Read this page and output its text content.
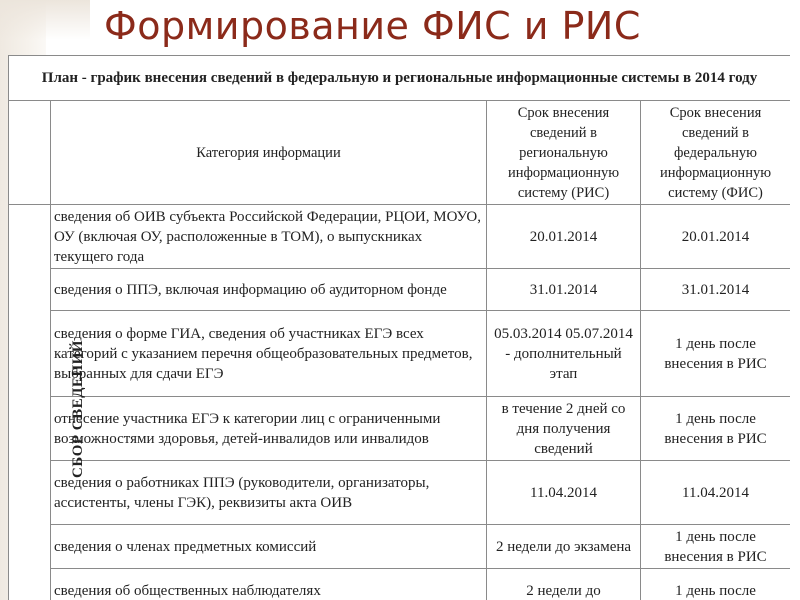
Формирование ФИС и РИС
План - график внесения сведений в федеральную и региональные информационные системы в 2014 году			
	Категория информации	Срок внесения сведений в региональную информационную систему (РИС)	Срок внесения сведений в федеральную информационную систему (ФИС)
СБОР СВЕДЕНИЙ	сведения об ОИВ субъекта Российской Федерации, РЦОИ, МОУО, ОУ (включая ОУ, расположенные в ТОМ), о выпускниках текущего года	20.01.2014	20.01.2014
	сведения о ППЭ, включая информацию об аудиторном фонде	31.01.2014	31.01.2014
	сведения о форме ГИА, сведения об участниках ЕГЭ всех категорий с указанием перечня общеобразовательных предметов, выбранных для сдачи ЕГЭ	05.03.2014 05.07.2014 - дополнительный этап	1 день после внесения в РИС
	отнесение участника ЕГЭ к категории лиц с ограниченными возможностями здоровья, детей-инвалидов или инвалидов	в течение 2 дней со дня получения сведений	1 день после внесения в РИС
	сведения о работниках ППЭ (руководители, организаторы, ассистенты, члены ГЭК), реквизиты акта ОИВ	11.04.2014	11.04.2014
	сведения о членах предметных комиссий	2 недели до экзамена	1 день после внесения в РИС
	сведения об общественных наблюдателях	2 недели до	1 день после
